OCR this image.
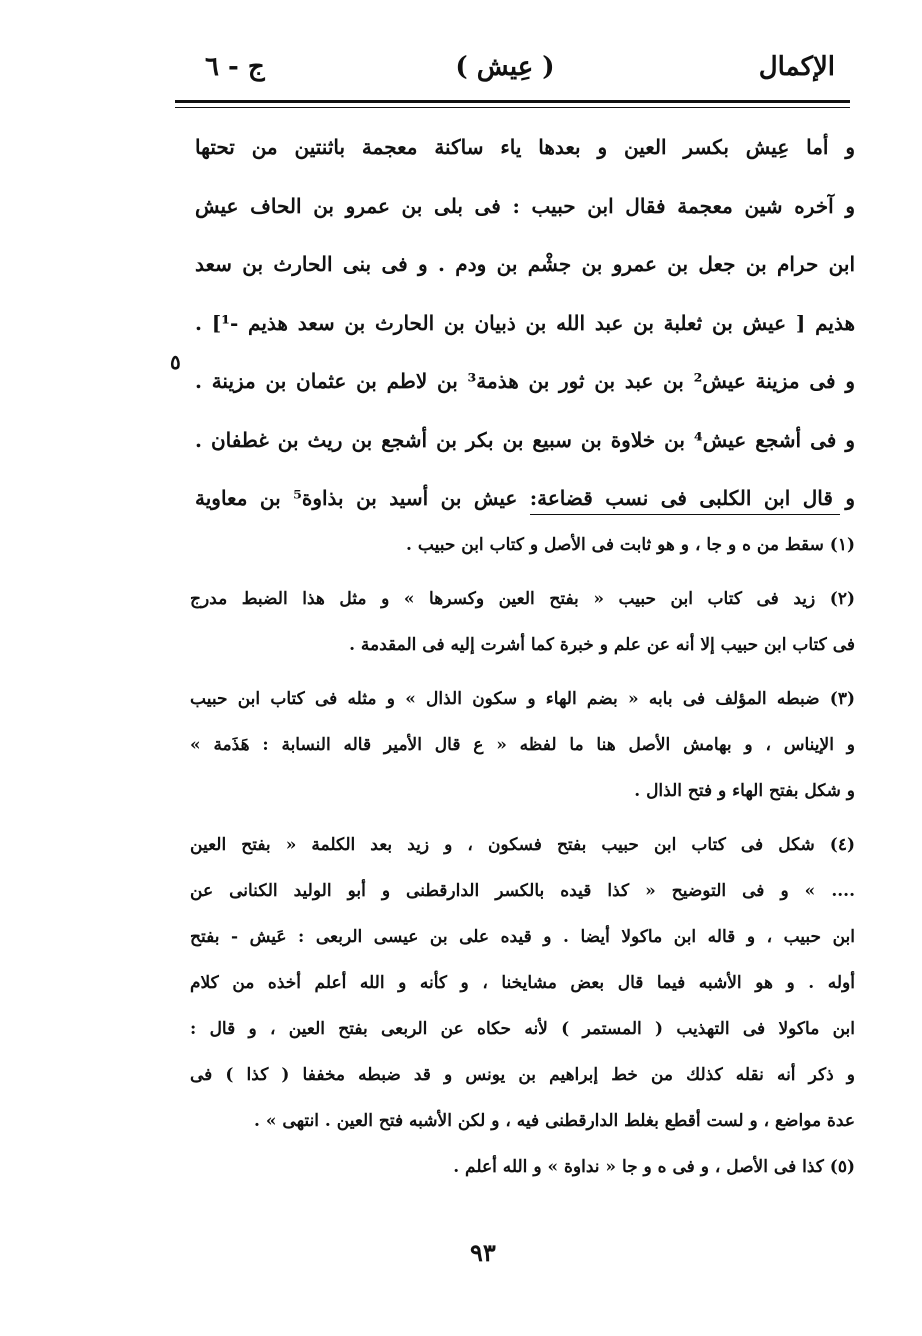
الإكمال
( عِيش )
ج - ٦
و أما عِيش بكسر العين و بعدها ياء ساكنة معجمة باثنتين من تحتها
و آخره شين معجمة فقال ابن حبيب : فى بلى بن عمرو بن الحاف عيش
ابن حرام بن جعل بن عمرو بن جشْم بن ودم . و فى بنى الحارث بن سعد
هذيم [ عيش بن ثعلبة بن عبد الله بن ذبيان بن الحارث بن سعد هذيم -¹] .
و فى مزينة عيش² بن عبد بن ثور بن هذمة³ بن لاطم بن عثمان بن مزينة .
و فى أشجع عيش⁴ بن خلاوة بن سبيع بن بكر بن أشجع بن ريث بن غطفان .
و قال ابن الكلبى فى نسب قضاعة: عيش بن أسيد بن بذاوة⁵ بن معاوية
٥
(١) سقط من ه و جا ، و هو ثابت فى الأصل و كتاب ابن حبيب .
(٢) زيد فى كتاب ابن حبيب « بفتح العين وكسرها » و مثل هذا الضبط مدرج
فى كتاب ابن حبيب إلا أنه عن علم و خبرة كما أشرت إليه فى المقدمة .
(٣) ضبطه المؤلف فى بابه « بضم الهاء و سكون الذال » و مثله فى كتاب ابن حبيب
و الإيناس ، و بهامش الأصل هنا ما لفظه « ع قال الأمير قاله النسابة : هَذَمة »
و شكل بفتح الهاء و فتح الذال .
(٤) شكل فى كتاب ابن حبيب بفتح فسكون ، و زيد بعد الكلمة « بفتح العين
.... » و فى التوضيح « كذا قيده بالكسر الدارقطنى و أبو الوليد الكنانى عن
ابن حبيب ، و قاله ابن ماكولا أيضا . و قيده على بن عيسى الربعى : عَيش - بفتح
أوله . و هو الأشبه فيما قال بعض مشايخنا ، و كأنه و الله أعلم أخذه من كلام
ابن ماكولا فى التهذيب ( المستمر ) لأنه حكاه عن الربعى بفتح العين ، و قال :
و ذكر أنه نقله كذلك من خط إبراهيم بن يونس و قد ضبطه مخففا ( كذا ) فى
عدة مواضع ، و لست أقطع بغلط الدارقطنى فيه ، و لكن الأشبه فتح العين . انتهى » .
(٥) كذا فى الأصل ، و فى ه و جا « نداوة » و الله أعلم .
٩٣
